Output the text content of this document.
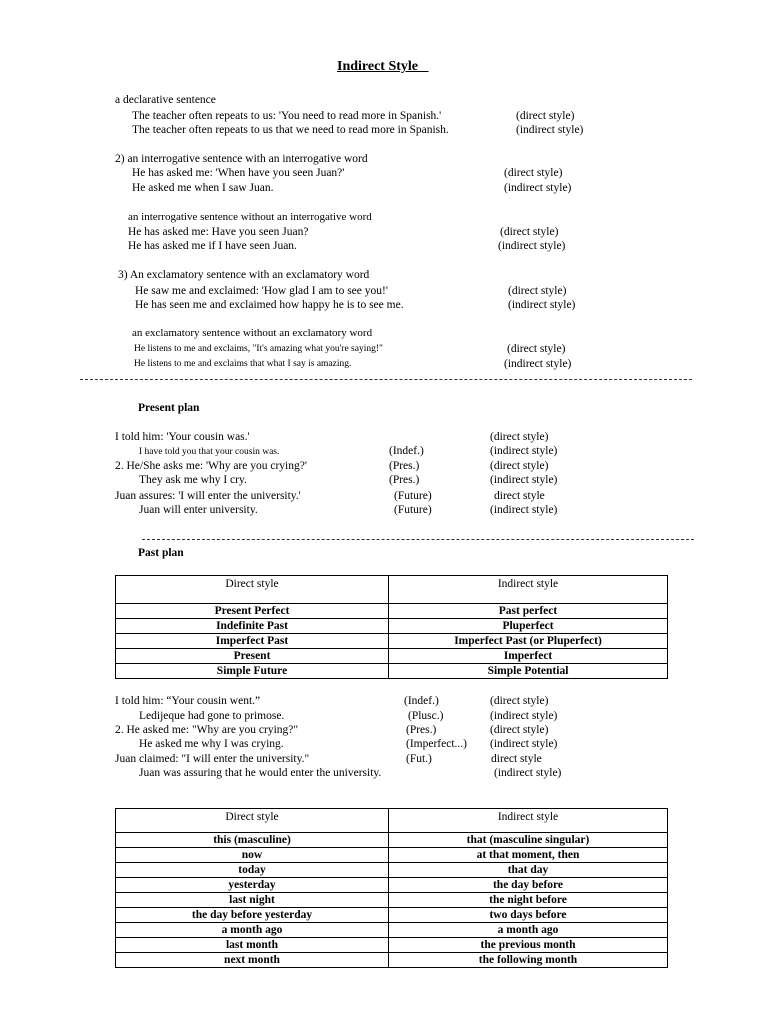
Indirect Style
a declarative sentence
The teacher often repeats to us: 'You need to read more in Spanish.'	(direct style)
The teacher often repeats to us that we need to read more in Spanish.	(indirect style)
2) an interrogative sentence with an interrogative word
He has asked me: 'When have you seen Juan?'	(direct style)
He asked me when I saw Juan.	(indirect style)
an interrogative sentence without an interrogative word
He has asked me: Have you seen Juan?	(direct style)
He has asked me if I have seen Juan.	(indirect style)
3) An exclamatory sentence with an exclamatory word
He saw me and exclaimed: 'How glad I am to see you!'	(direct style)
He has seen me and exclaimed how happy he is to see me.	(indirect style)
an exclamatory sentence without an exclamatory word
He listens to me and exclaims, "It's amazing what you're saying!"	(direct style)
He listens to me and exclaims that what I say is amazing.	(indirect style)
Present plan
I told him: 'Your cousin was.'	(direct style)
I have told you that your cousin was.	(Indef.)	(indirect style)
2. He/She asks me: 'Why are you crying?'	(Pres.)	(direct style)
They ask me why I cry.	(Pres.)	(indirect style)
Juan assures: 'I will enter the university.'	(Future)	direct style
Juan will enter university.	(Future)	(indirect style)
Past plan
Direct style	Indirect style
Present Perfect	Past perfect
Indefinite Past	Pluperfect
Imperfect Past	Imperfect Past (or Pluperfect)
Present	Imperfect
Simple Future	Simple Potential
I told him: “Your cousin went.”	(Indef.)	(direct style)
Ledijeque had gone to primose.	(Plusc.)	(indirect style)
2. He asked me: "Why are you crying?"	(Pres.)	(direct style)
He asked me why I was crying.	(Imperfect...) (indirect style)
Juan claimed: "I will enter the university."	(Fut.)	direct style
Juan was assuring that he would enter the university.	(indirect style)
Direct style	Indirect style
this (masculine)	that (masculine singular)
now	at that moment, then
today	that day
yesterday	the day before
last night	the night before
the day before yesterday	two days before
a month ago	a month ago
last month	the previous month
next month	the following month
